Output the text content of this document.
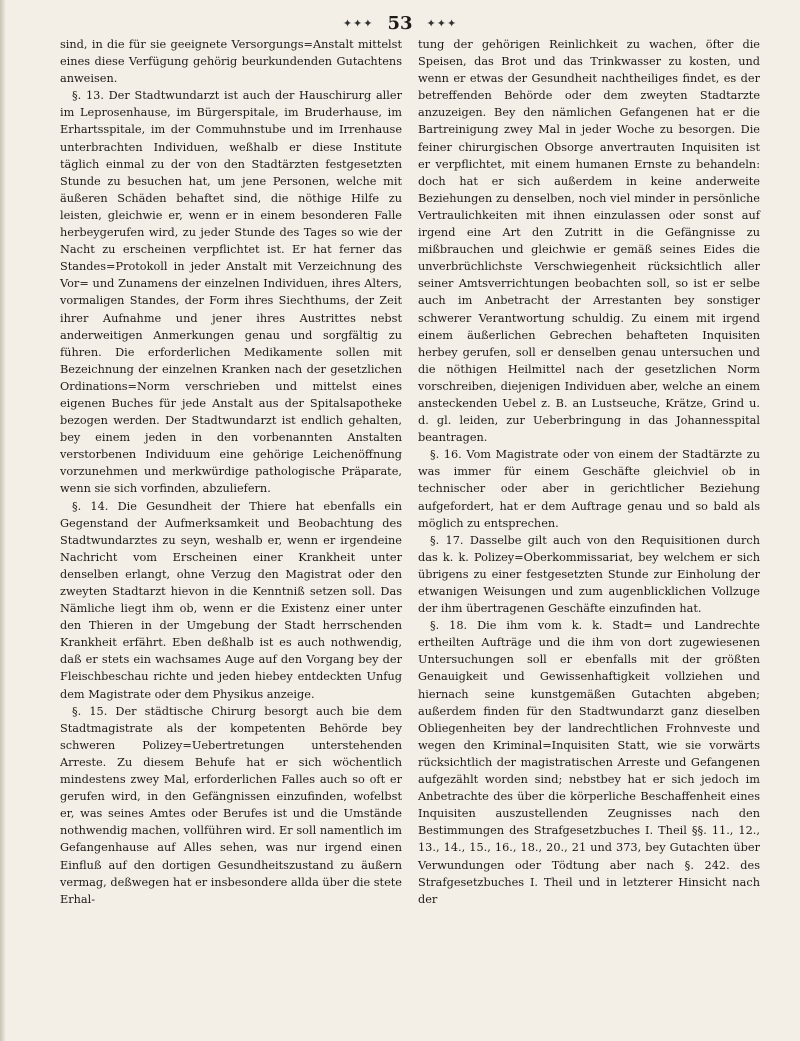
✦✦✦ 53 ✦✦✦

sind, in die für sie geeignete Versorgungs=Anstalt mittelst eines diese Verfügung gehörig beurkundenden Gutachtens anweisen.

§. 13. Der Stadtwundarzt ist auch der Hauschirurg aller im Leprosenhause, im Bürgerspitale, im Bruderhause, im Erhartsspitale, im der Commuhnstube und im Irrenhause unterbrachten Individuen, weßhalb er diese Institute täglich einmal zu der von den Stadtärzten festgesetzten Stunde zu besuchen hat, um jene Personen, welche mit äußeren Schäden behaftet sind, die nöthige Hilfe zu leisten, gleichwie er, wenn er in einem besonderen Falle herbeygerufen wird, zu jeder Stunde des Tages so wie der Nacht zu erscheinen verpflichtet ist. Er hat ferner das Standes=Protokoll in jeder Anstalt mit Verzeichnung des Vor= und Zunamens der einzelnen Individuen, ihres Alters, vormaligen Standes, der Form ihres Siechthums, der Zeit ihrer Aufnahme und jener ihres Austrittes nebst anderweitigen Anmerkungen genau und sorgfältig zu führen. Die erforderlichen Medikamente sollen mit Bezeichnung der einzelnen Kranken nach der gesetzlichen Ordinations=Norm verschrieben und mittelst eines eigenen Buches für jede Anstalt aus der Spitalsapotheke bezogen werden. Der Stadtwundarzt ist endlich gehalten, bey einem jeden in den vorbenannten Anstalten verstorbenen Individuum eine gehörige Leichenöffnung vorzunehmen und merkwürdige pathologische Präparate, wenn sie sich vorfinden, abzuliefern.

§. 14. Die Gesundheit der Thiere hat ebenfalls ein Gegenstand der Aufmerksamkeit und Beobachtung des Stadtwundarztes zu seyn, weshalb er, wenn er irgendeine Nachricht vom Erscheinen einer Krankheit unter denselben erlangt, ohne Verzug den Magistrat oder den zweyten Stadtarzt hievon in die Kenntniß setzen soll. Das Nämliche liegt ihm ob, wenn er die Existenz einer unter den Thieren in der Umgebung der Stadt herrschenden Krankheit erfährt. Eben deßhalb ist es auch nothwendig, daß er stets ein wachsames Auge auf den Vorgang bey der Fleischbeschau richte und jeden hiebey entdeckten Unfug dem Magistrate oder dem Physikus anzeige.

§. 15. Der städtische Chirurg besorgt auch bie dem Stadtmagistrate als der kompetenten Behörde bey schweren Polizey=Uebertretungen unterstehenden Arreste. Zu diesem Behufe hat er sich wöchentlich mindestens zwey Mal, erforderlichen Falles auch so oft er gerufen wird, in den Gefängnissen einzufinden, wofelbst er, was seines Amtes oder Berufes ist und die Umstände nothwendig machen, vollführen wird. Er soll namentlich im Gefangenhause auf Alles sehen, was nur irgend einen Einfluß auf den dortigen Gesundheitszustand zu äußern vermag, deßwegen hat er insbesondere allda über die stete Erhal-

tung der gehörigen Reinlichkeit zu wachen, öfter die Speisen, das Brot und das Trinkwasser zu kosten, und wenn er etwas der Gesundheit nachtheiliges findet, es der betreffenden Behörde oder dem zweyten Stadtarzte anzuzeigen. Bey den nämlichen Gefangenen hat er die Bartreinigung zwey Mal in jeder Woche zu besorgen. Die feiner chirurgischen Obsorge anvertrauten Inquisiten ist er verpflichtet, mit einem humanen Ernste zu behandeln: doch hat er sich außerdem in keine anderweite Beziehungen zu denselben, noch viel minder in persönliche Vertraulichkeiten mit ihnen einzulassen oder sonst auf irgend eine Art den Zutritt in die Gefängnisse zu mißbrauchen und gleichwie er gemäß seines Eides die unverbrüchlichste Verschwiegenheit rücksichtlich aller seiner Amtsverrichtungen beobachten soll, so ist er selbe auch im Anbetracht der Arrestanten bey sonstiger schwerer Verantwortung schuldig. Zu einem mit irgend einem äußerlichen Gebrechen behafteten Inquisiten herbey gerufen, soll er denselben genau untersuchen und die nöthigen Heilmittel nach der gesetzlichen Norm vorschreiben, diejenigen Individuen aber, welche an einem ansteckenden Uebel z. B. an Lustseuche, Krätze, Grind u. d. gl. leiden, zur Ueberbringung in das Johannesspital beantragen.

§. 16. Vom Magistrate oder von einem der Stadtärzte zu was immer für einem Geschäfte gleichviel ob in technischer oder aber in gerichtlicher Beziehung aufgefordert, hat er dem Auftrage genau und so bald als möglich zu entsprechen.

§. 17. Dasselbe gilt auch von den Requisitionen durch das k. k. Polizey=Oberkommissariat, bey welchem er sich übrigens zu einer festgesetzten Stunde zur Einholung der etwanigen Weisungen und zum augenblicklichen Vollzuge der ihm übertragenen Geschäfte einzufinden hat.

§. 18. Die ihm vom k. k. Stadt= und Landrechte ertheilten Aufträge und die ihm von dort zugewiesenen Untersuchungen soll er ebenfalls mit der größten Genauigkeit und Gewissenhaftigkeit vollziehen und hiernach seine kunstgemäßen Gutachten abgeben; außerdem finden für den Stadtwundarzt ganz dieselben Obliegenheiten bey der landrechtlichen Frohnveste und wegen den Kriminal=Inquisiten Statt, wie sie vorwärts rücksichtlich der magistratischen Arreste und Gefangenen aufgezählt worden sind; nebstbey hat er sich jedoch im Anbetrachte des über die körperliche Beschaffenheit eines Inquisiten auszustellenden Zeugnisses nach den Bestimmungen des Strafgesetzbuches I. Theil §§. 11., 12., 13., 14., 15., 16., 18., 20., 21 und 373, bey Gutachten über Verwundungen oder Tödtung aber nach §. 242. des Strafgesetzbuches I. Theil und in letzterer Hinsicht nach der
